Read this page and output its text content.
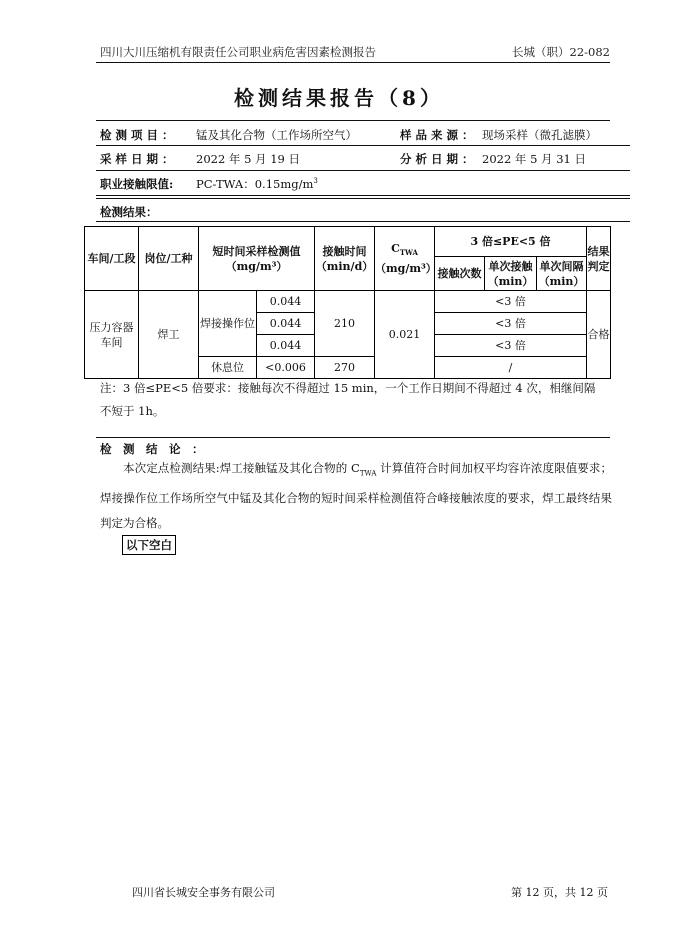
四川大川压缩机有限责任公司职业病危害因素检测报告	长城（职）22-082
检测结果报告（8）
检 测 项 目 ： 锰及其化合物（工作场所空气）	样 品 来 源 ： 现场采样（微孔滤膜）
采 样 日 期 ： 2022 年 5 月 19 日	分 析 日 期 ： 2022 年 5 月 31 日
职业接触限值: PC-TWA：$0.15mg/m^3$
检测结果：
车间/工段	岗位/工种	短时间采样检测值（mg/m³）		接触时间（min/d）	$C_{TWA}$
（mg/m³）	3 倍≤PE<5 倍			结果判定
						接触次数	单次接触（min）	单次间隔（min）	
压力容器车间	焊工	焊接操作位	0.044	210	0.021	<3 倍			合格
			0.044			<3 倍			
			0.044			<3 倍			
		休息位	<0.006	270		/			
注：3 倍≤PE<5 倍要求：接触每次不得超过 15 min，一个工作日期间不得超过 4 次，相继间隔
不短于 1h。
检　测　结　论　：
本次定点检测结果:焊工接触锰及其化合物的 $C_{TWA}$ 计算值符合时间加权平均容许浓度限值要求；焊接操作位工作场所空气中锰及其化合物的短时间采样检测值符合峰接触浓度的要求，焊工最终结果判定为合格。
以下空白
四川省长城安全事务有限公司	第 12 页，共 12 页
